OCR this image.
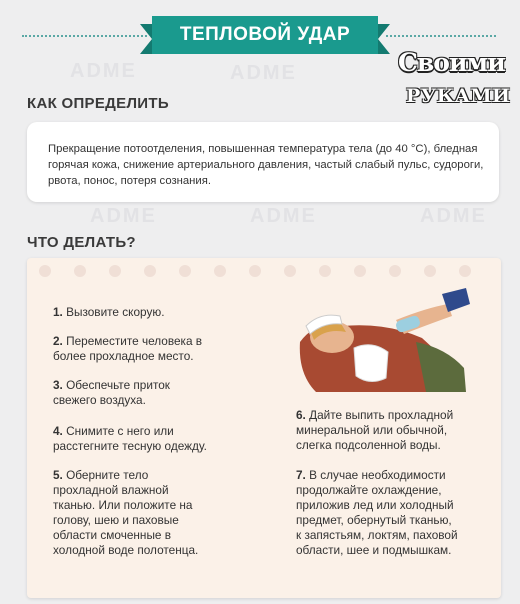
ADME	ADME
ADME	ADME	ADME
ТЕПЛОВОЙ УДАР
Своими
РУКАМИ
КАК ОПРЕДЕЛИТЬ
Прекращение потоотделения, повышенная температура тела (до 40 °C), бледная горячая кожа, снижение артериального давления, частый слабый пульс, судороги, рвота, понос, потеря сознания.
ЧТО ДЕЛАТЬ?
1. Вызовите скорую.
2. Переместите человека в
более прохладное место.
3. Обеспечьте приток
свежего воздуха.
4. Снимите с него или
расстегните тесную одежду.
5. Оберните тело
прохладной влажной
тканью. Или положите на
голову, шею и паховые
области смоченные в
холодной воде полотенца.
6. Дайте выпить прохладной
минеральной или обычной,
слегка подсоленной воды.
7. В случае необходимости
продолжайте охлаждение,
приложив лед или холодный
предмет, обернутый тканью,
к запястьям, локтям, паховой
области, шее и подмышкам.
